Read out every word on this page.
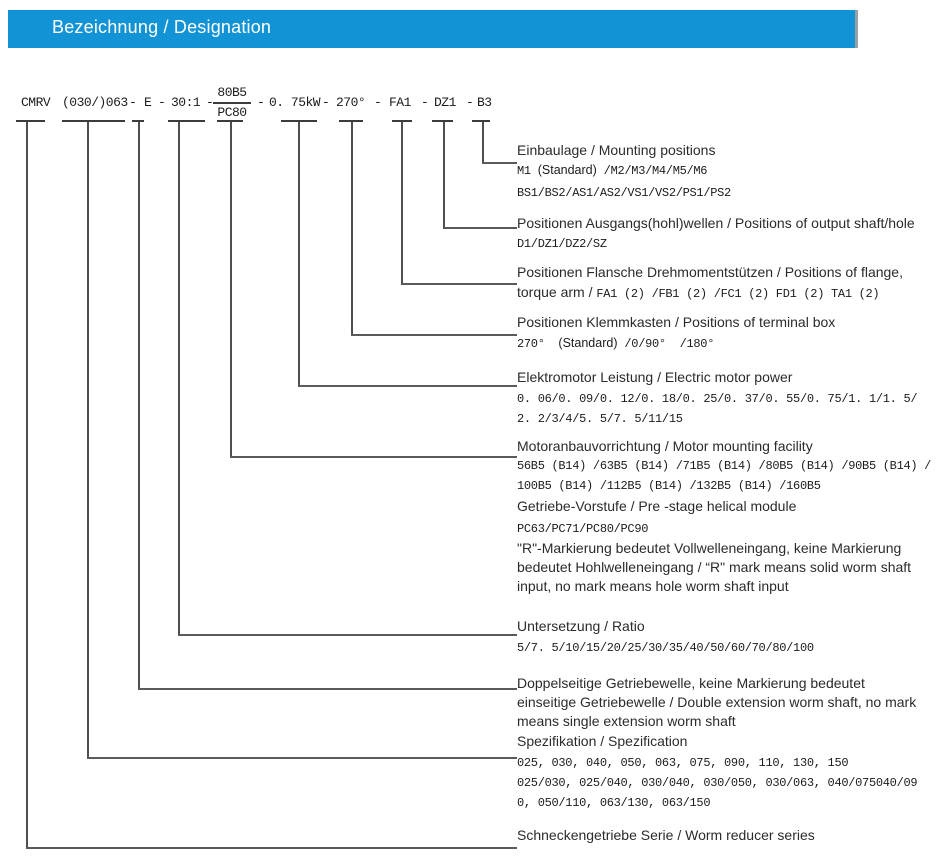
Bezeichnung / Designation
CMRV (030/)063 - E - 30:1 -
80B5
PC80
- 0. 75kW - 270° - FA1 - DZ1 - B3
Einbaulage / Mounting positions
M1 (Standard) /M2/M3/M4/M5/M6
BS1/BS2/AS1/AS2/VS1/VS2/PS1/PS2
Positionen Ausgangs(hohl)wellen / Positions of output shaft/hole
D1/DZ1/DZ2/SZ
Positionen Flansche Drehmomentstützen / Positions of flange,
torque arm / FA1 (2) /FB1 (2) /FC1 (2) FD1 (2) TA1 (2)
Positionen Klemmkasten / Positions of terminal box
270°  (Standard) /0/90°  /180°
Elektromotor Leistung / Electric motor power
0. 06/0. 09/0. 12/0. 18/0. 25/0. 37/0. 55/0. 75/1. 1/1. 5/
2. 2/3/4/5. 5/7. 5/11/15
Motoranbauvorrichtung / Motor mounting facility
56B5 (B14) /63B5 (B14) /71B5 (B14) /80B5 (B14) /90B5 (B14) /
100B5 (B14) /112B5 (B14) /132B5 (B14) /160B5
Getriebe-Vorstufe / Pre -stage helical module
PC63/PC71/PC80/PC90
"R"-Markierung bedeutet Vollwelleneingang, keine Markierung
bedeutet Hohlwelleneingang / “R" mark means solid worm shaft
input, no mark means hole worm shaft input
Untersetzung / Ratio
5/7. 5/10/15/20/25/30/35/40/50/60/70/80/100
Doppelseitige Getriebewelle, keine Markierung bedeutet
einseitige Getriebewelle / Double extension worm shaft, no mark
means single extension worm shaft
Spezifikation / Spezification
025, 030, 040, 050, 063, 075, 090, 110, 130, 150
025/030, 025/040, 030/040, 030/050, 030/063, 040/075040/09
0, 050/110, 063/130, 063/150
Schneckengetriebe Serie / Worm reducer series
